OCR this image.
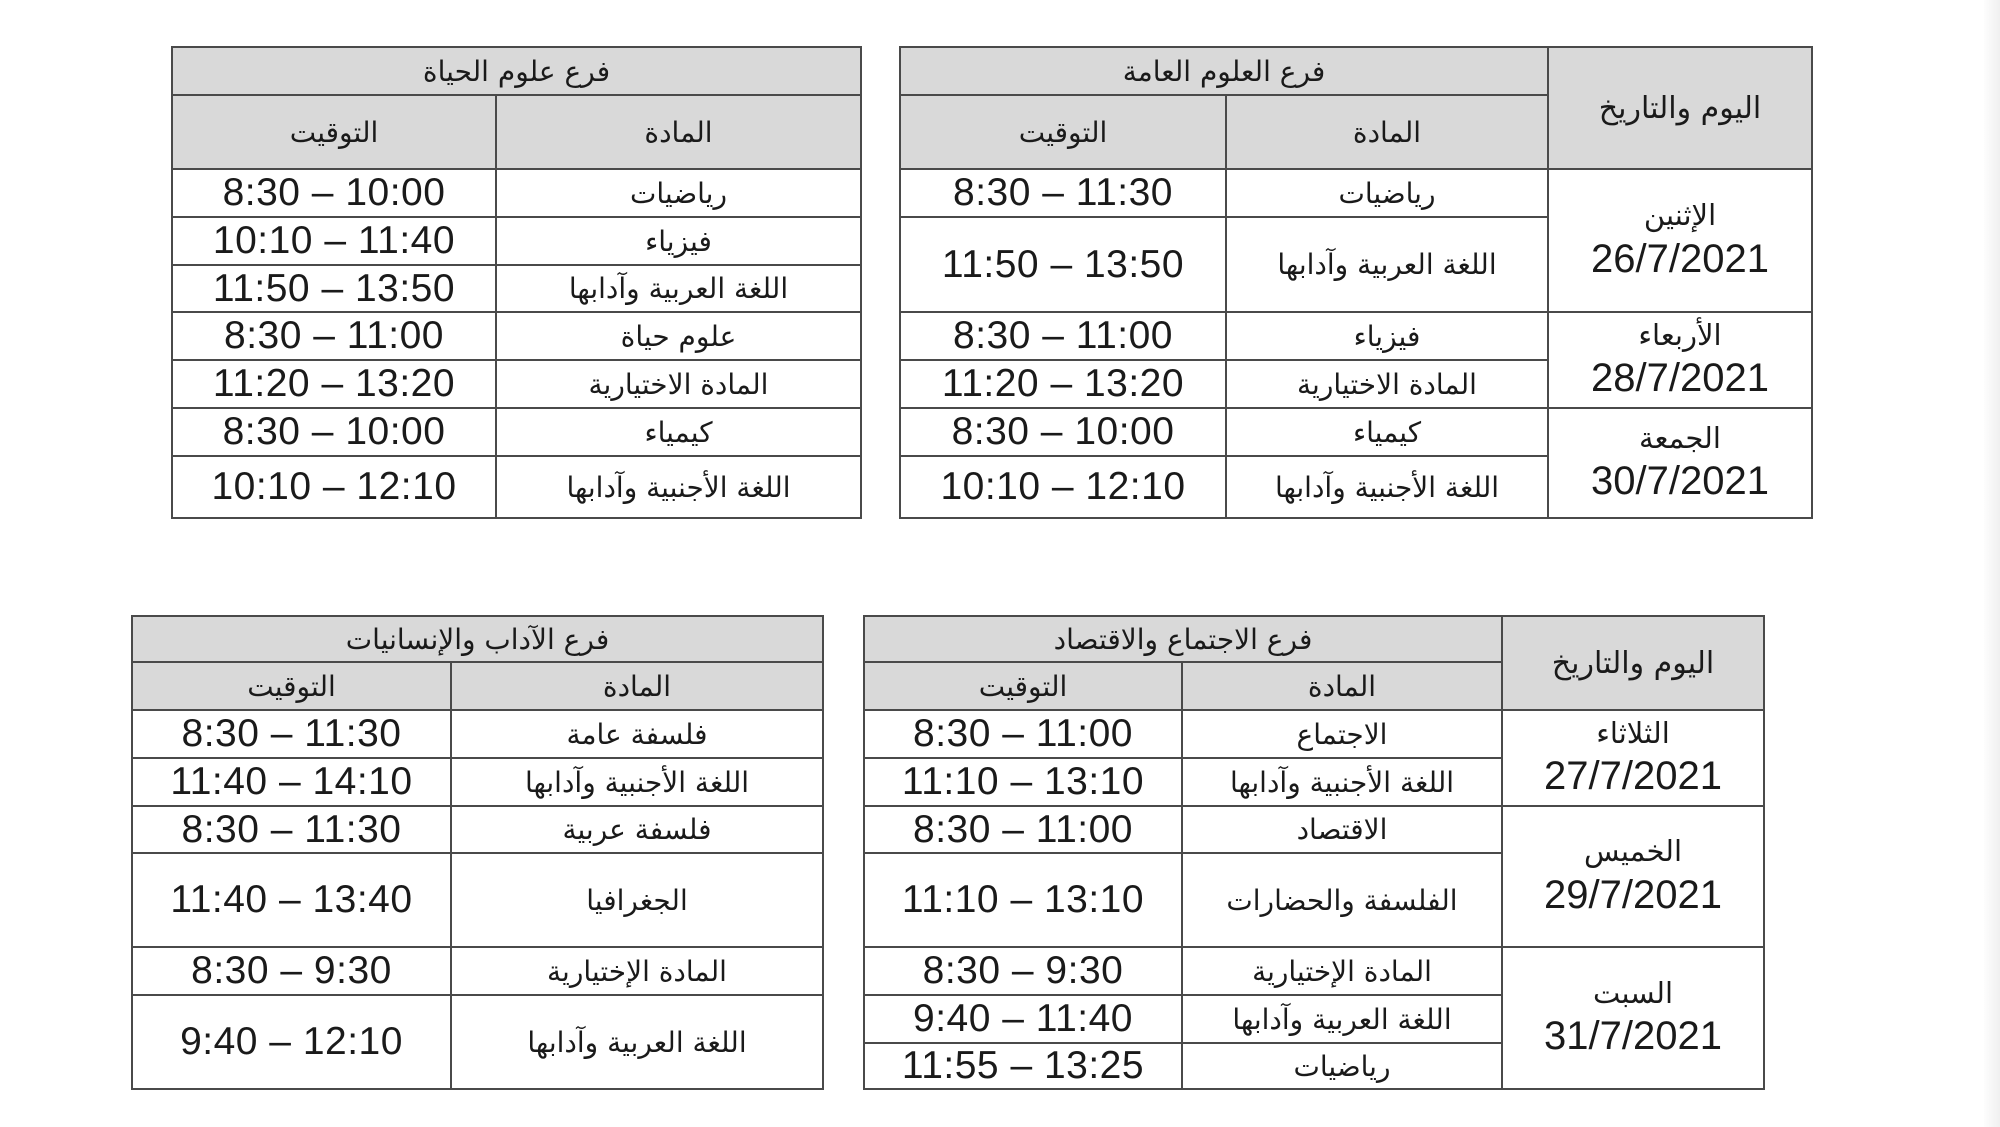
فرع العلوم العامة		اليوم والتاريخ
التوقيت	المادة	
8:30 – 11:30	رياضيات	الإثنين
26/7/2021

11:50 – 13:50	اللغة العربية وآدابها	
8:30 – 11:00	فيزياء	الأربعاء
28/7/2021

11:20 – 13:20	المادة الاختيارية	
8:30 – 10:00	كيمياء	الجمعة
30/7/2021

10:10 – 12:10	اللغة الأجنبية وآدابها	
فرع علوم الحياة	
التوقيت	المادة
8:30 – 10:00	رياضيات
10:10 – 11:40	فيزياء
11:50 – 13:50	اللغة العربية وآدابها
8:30 – 11:00	علوم حياة
11:20 – 13:20	المادة الاختيارية
8:30 – 10:00	كيمياء
10:10 – 12:10	اللغة الأجنبية وآدابها
فرع الاجتماع والاقتصاد		اليوم والتاريخ
التوقيت	المادة	
8:30 – 11:00	الاجتماع	الثلاثاء
27/7/2021

11:10 – 13:10	اللغة الأجنبية وآدابها	
8:30 – 11:00	الاقتصاد	الخميس
29/7/2021

11:10 – 13:10	الفلسفة والحضارات	
8:30 – 9:30	المادة الإختيارية	السبت
31/7/2021

9:40 – 11:40	اللغة العربية وآدابها	
11:55 – 13:25	رياضيات	
فرع الآداب والإنسانيات	
التوقيت	المادة
8:30 – 11:30	فلسفة عامة
11:40 – 14:10	اللغة الأجنبية وآدابها
8:30 – 11:30	فلسفة عربية
11:40 – 13:40	الجغرافيا
8:30 – 9:30	المادة الإختيارية
9:40 – 12:10	اللغة العربية وآدابها
